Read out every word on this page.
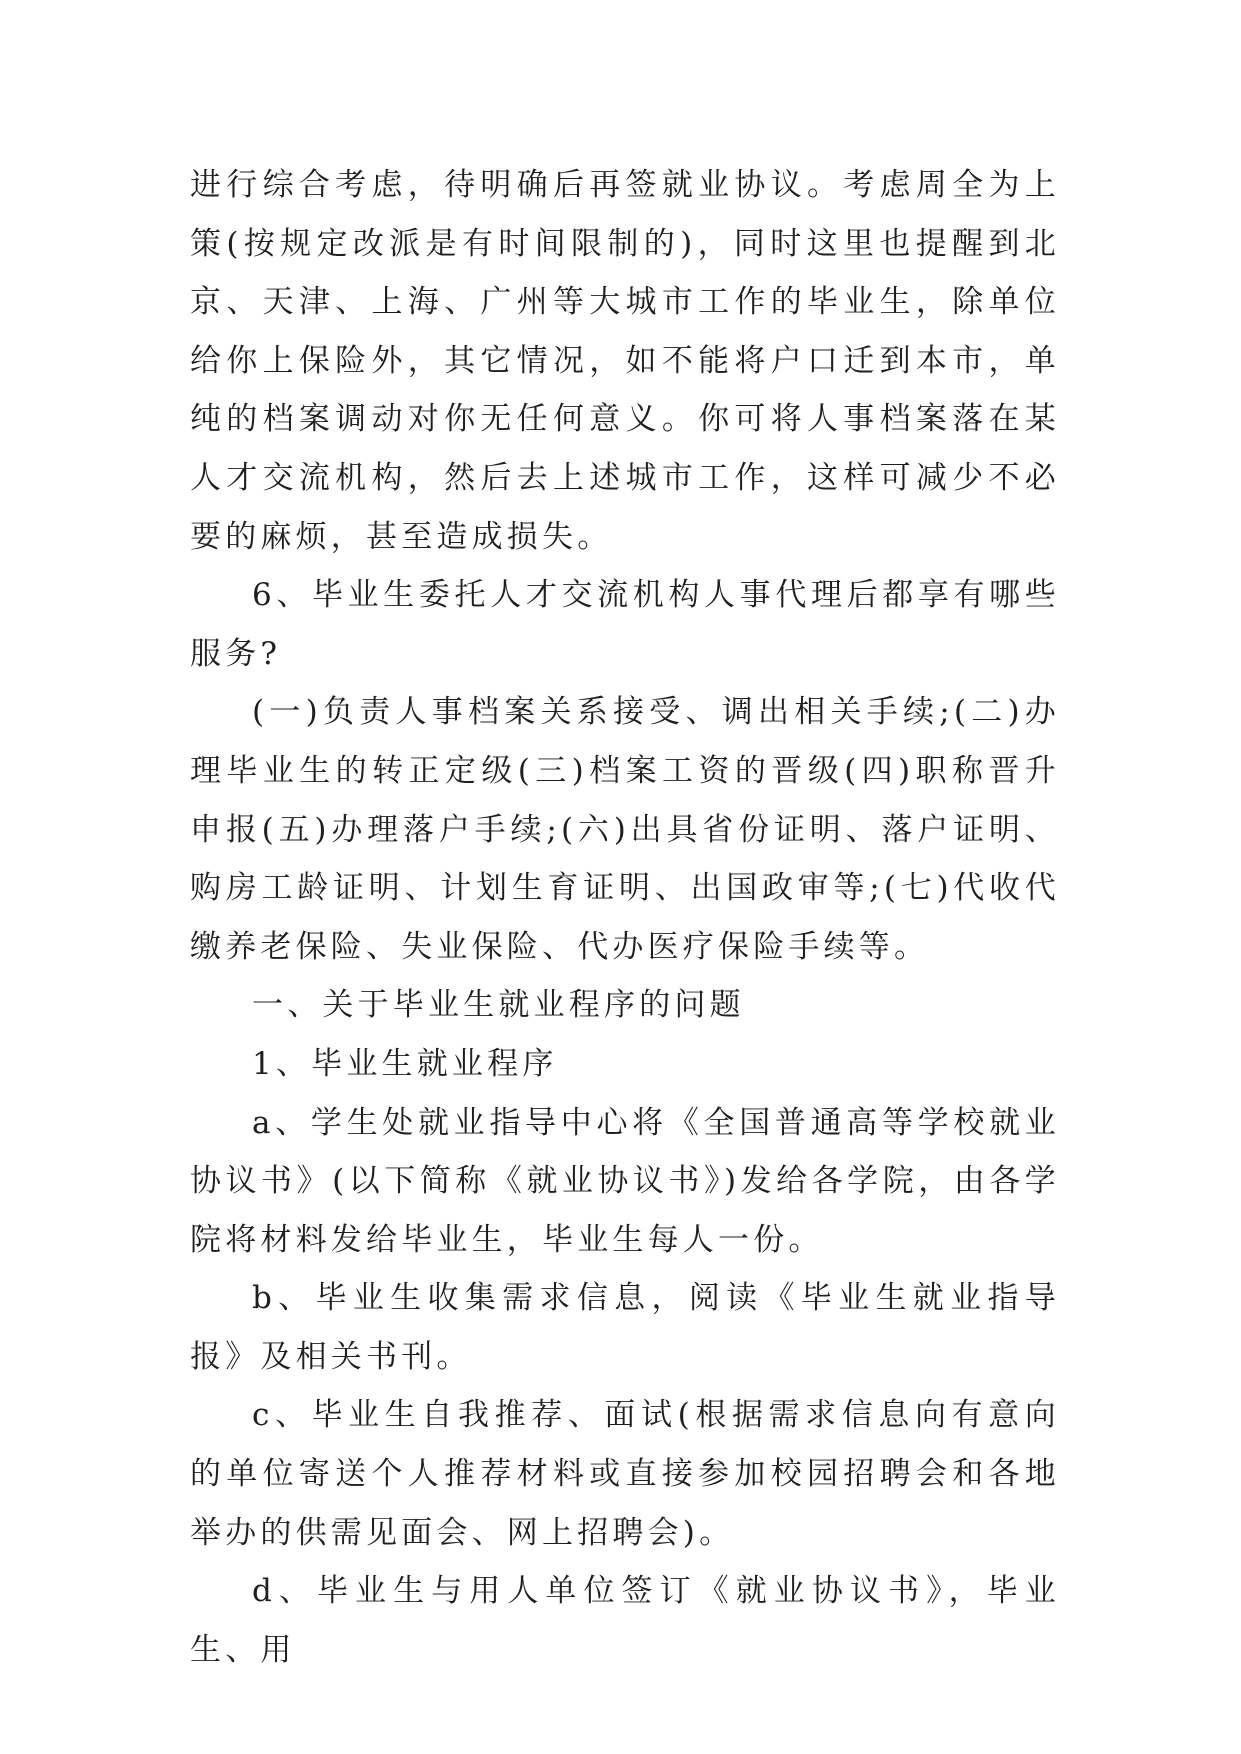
进行综合考虑，待明确后再签就业协议。考虑周全为上策(按规定改派是有时间限制的)，同时这里也提醒到北京、天津、上海、广州等大城市工作的毕业生，除单位给你上保险外，其它情况，如不能将户口迁到本市，单纯的档案调动对你无任何意义。你可将人事档案落在某人才交流机构，然后去上述城市工作，这样可减少不必要的麻烦，甚至造成损失。

6、毕业生委托人才交流机构人事代理后都享有哪些服务?

(一)负责人事档案关系接受、调出相关手续;(二)办理毕业生的转正定级(三)档案工资的晋级(四)职称晋升申报(五)办理落户手续;(六)出具省份证明、落户证明、购房工龄证明、计划生育证明、出国政审等;(七)代收代缴养老保险、失业保险、代办医疗保险手续等。

一、关于毕业生就业程序的问题

1、毕业生就业程序

a、学生处就业指导中心将《全国普通高等学校就业协议书》(以下简称《就业协议书》)发给各学院，由各学院将材料发给毕业生，毕业生每人一份。

b、毕业生收集需求信息，阅读《毕业生就业指导报》及相关书刊。

c、毕业生自我推荐、面试(根据需求信息向有意向的单位寄送个人推荐材料或直接参加校园招聘会和各地举办的供需见面会、网上招聘会)。

d、毕业生与用人单位签订《就业协议书》，毕业生、用
